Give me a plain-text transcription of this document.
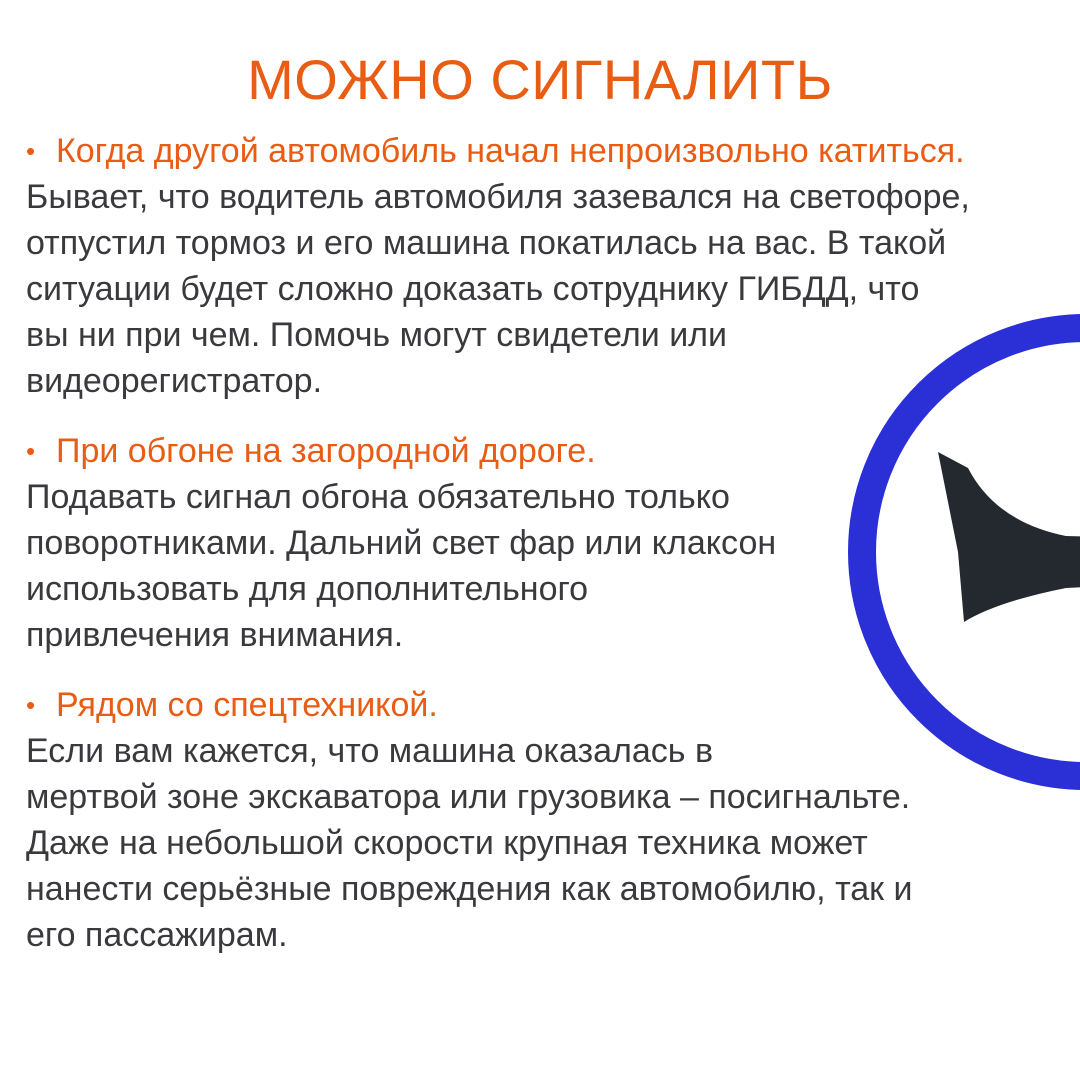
МОЖНО СИГНАЛИТЬ
• Когда другой автомобиль начал непроизвольно катиться.
Бывает, что водитель автомобиля зазевался на светофоре,
отпустил тормоз и его машина покатилась на вас. В такой
ситуации будет сложно доказать сотруднику ГИБДД, что
вы ни при чем. Помочь могут свидетели или
видеорегистратор.
• При обгоне на загородной дороге.
Подавать сигнал обгона обязательно только
поворотниками. Дальний свет фар или клаксон
использовать для дополнительного
привлечения внимания.
• Рядом со спецтехникой.
Если вам кажется, что машина оказалась в
мертвой зоне экскаватора или грузовика – посигнальте.
Даже на небольшой скорости крупная техника может
нанести серьёзные повреждения как автомобилю, так и
его пассажирам.
